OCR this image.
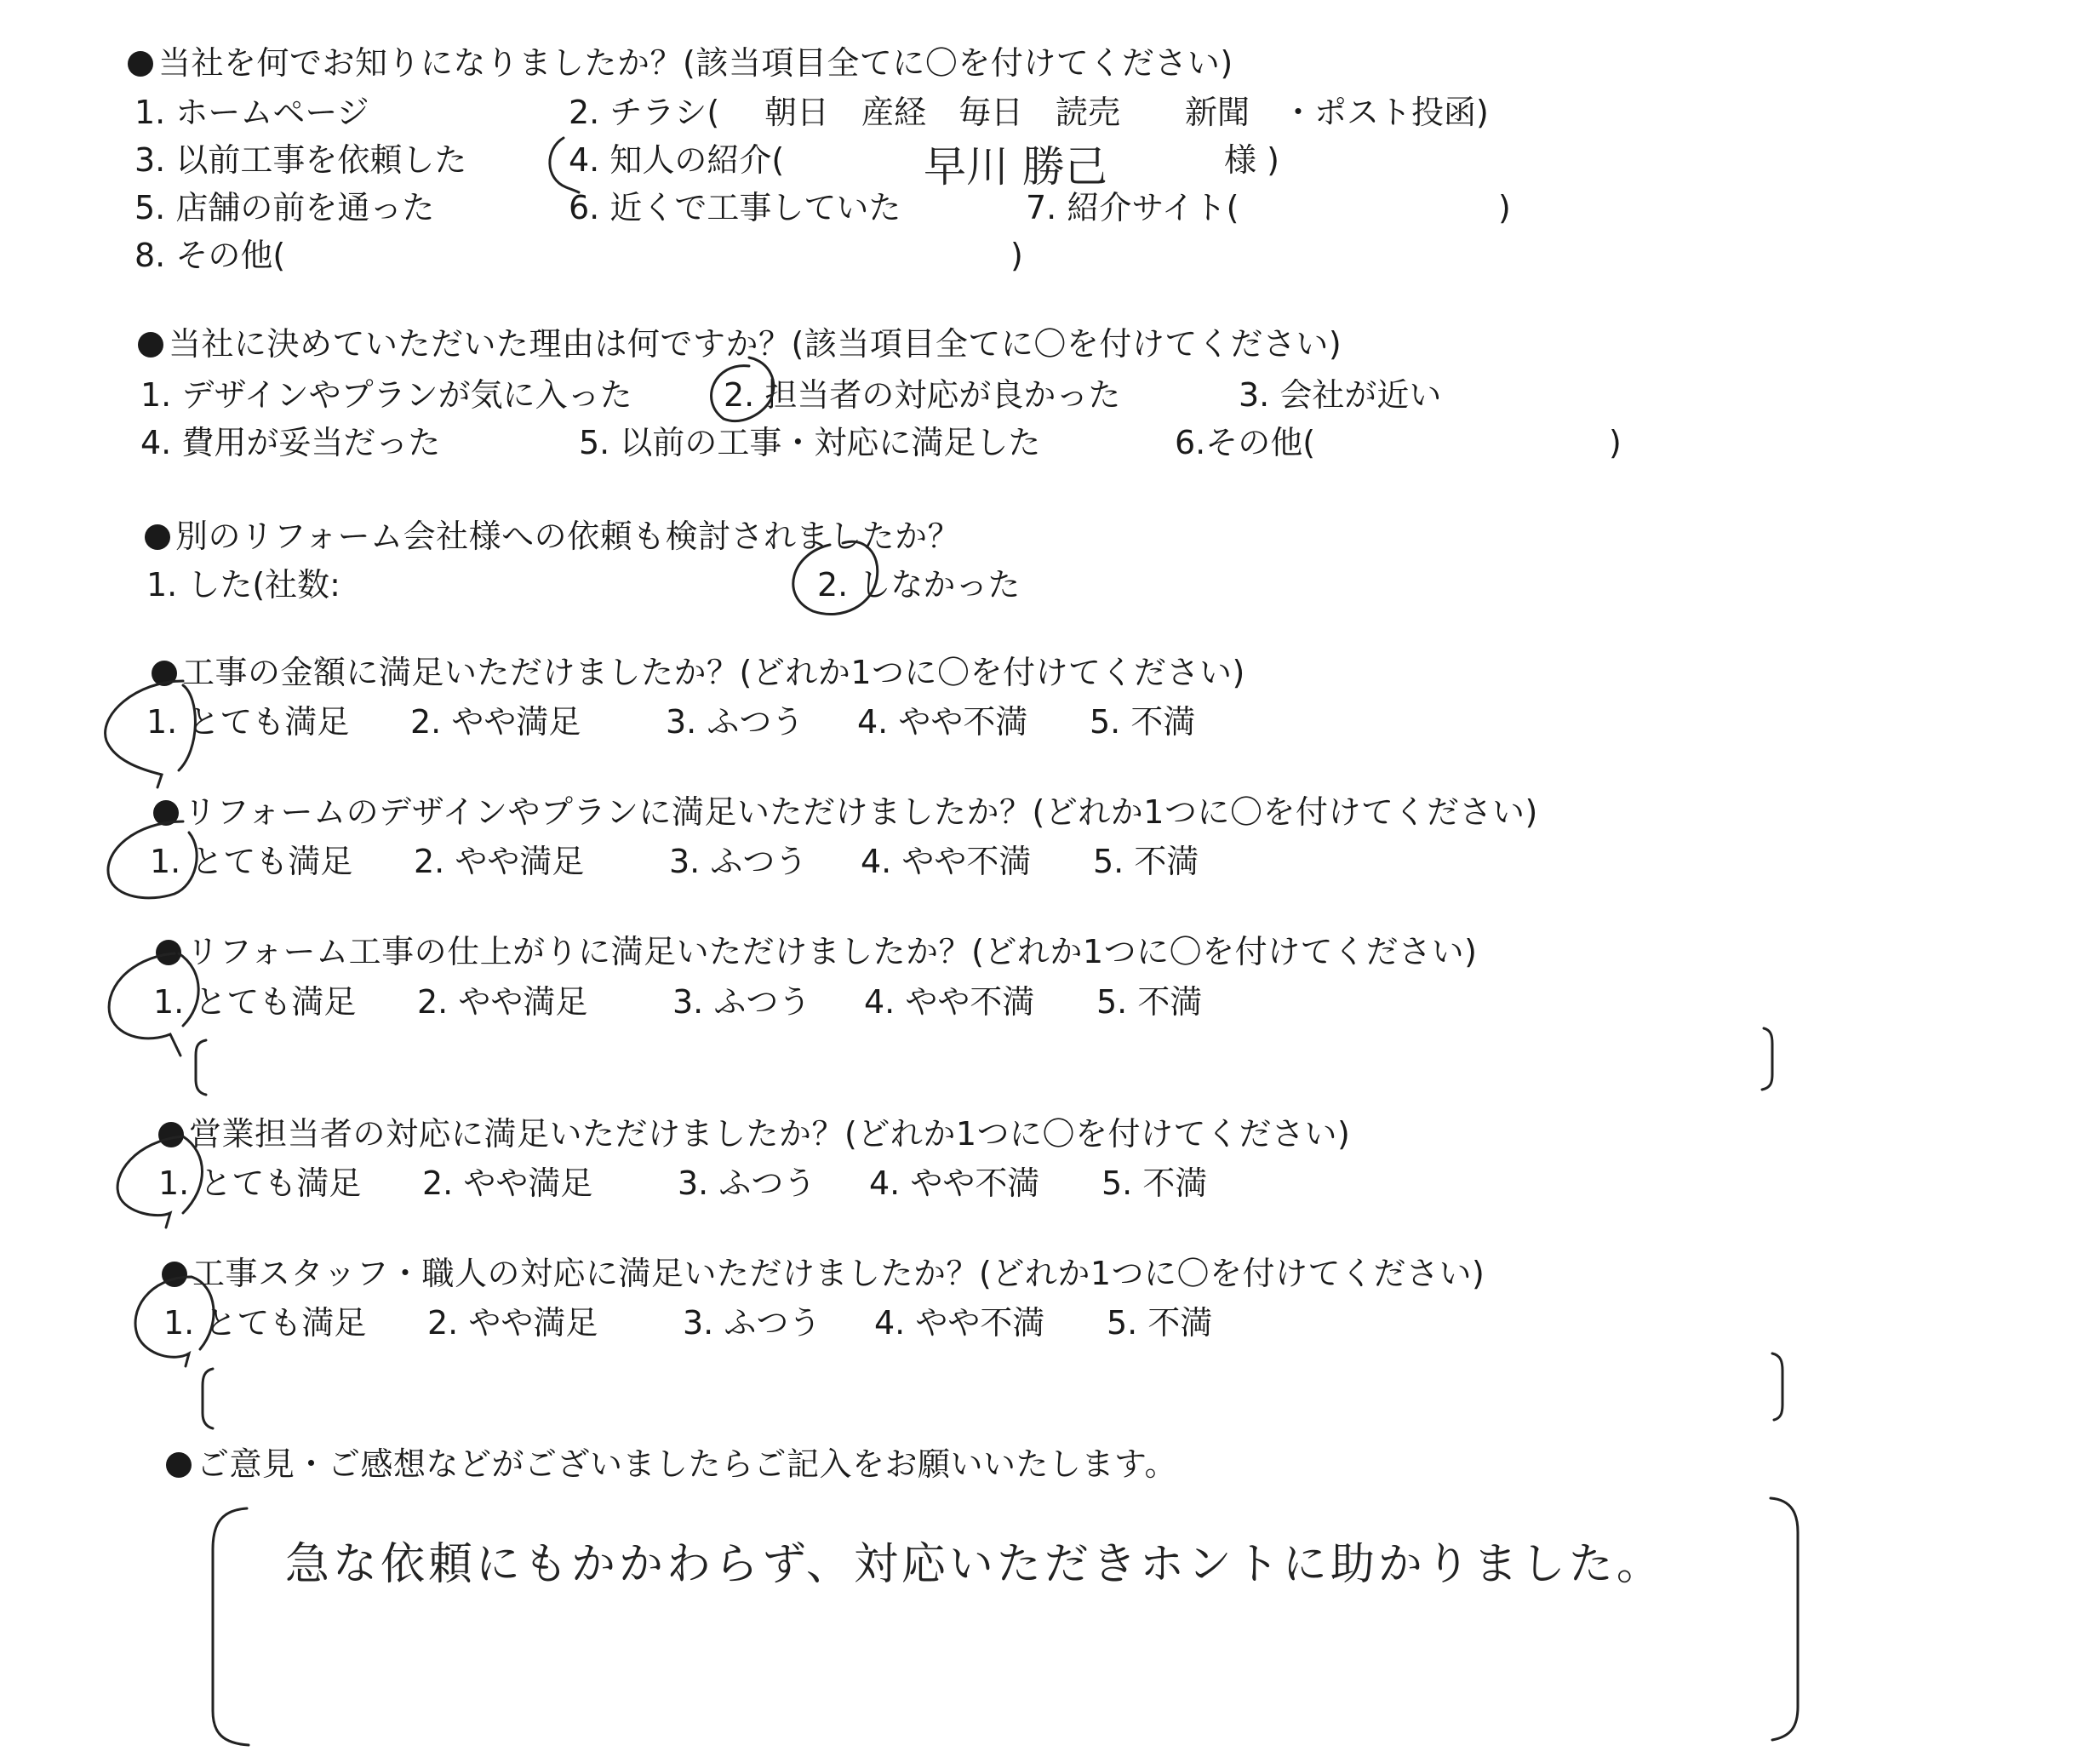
当社を何でお知りになりましたか？(該当項目全てに〇を付けてください)
1. ホームページ	2. チラシ( 朝日　産経　毎日　読売　　新聞　・ポスト投函)
3. 以前工事を依頼した	4. 知人の紹介(	早川 勝己	様 )
5. 店舗の前を通った	6. 近くで工事していた	7. 紹介サイト(	)
8. その他(	)
当社に決めていただいた理由は何ですか？(該当項目全てに〇を付けてください)
1. デザインやプランが気に入った	2. 担当者の対応が良かった	3. 会社が近い
4. 費用が妥当だった	5. 以前の工事・対応に満足した	6.その他(	)
別のリフォーム会社様への依頼も検討されましたか？
1. した(社数:	2. しなかった
工事の金額に満足いただけましたか？(どれか1つに〇を付けてください)
1. とても満足 2. やや満足	3. ふつう 4. やや不満 5. 不満
リフォームのデザインやプランに満足いただけましたか？(どれか1つに〇を付けてください)
1. とても満足 2. やや満足	3. ふつう 4. やや不満 5. 不満
リフォーム工事の仕上がりに満足いただけましたか？(どれか1つに〇を付けてください)
1. とても満足 2. やや満足	3. ふつう 4. やや不満 5. 不満
営業担当者の対応に満足いただけましたか？(どれか1つに〇を付けてください)
1. とても満足 2. やや満足	3. ふつう 4. やや不満 5. 不満
工事スタッフ・職人の対応に満足いただけましたか？(どれか1つに〇を付けてください)
1. とても満足 2. やや満足	3. ふつう 4. やや不満 5. 不満
ご意見・ご感想などがございましたらご記入をお願いいたします。
急な依頼にもかかわらず、対応いただきホントに助かりました。
